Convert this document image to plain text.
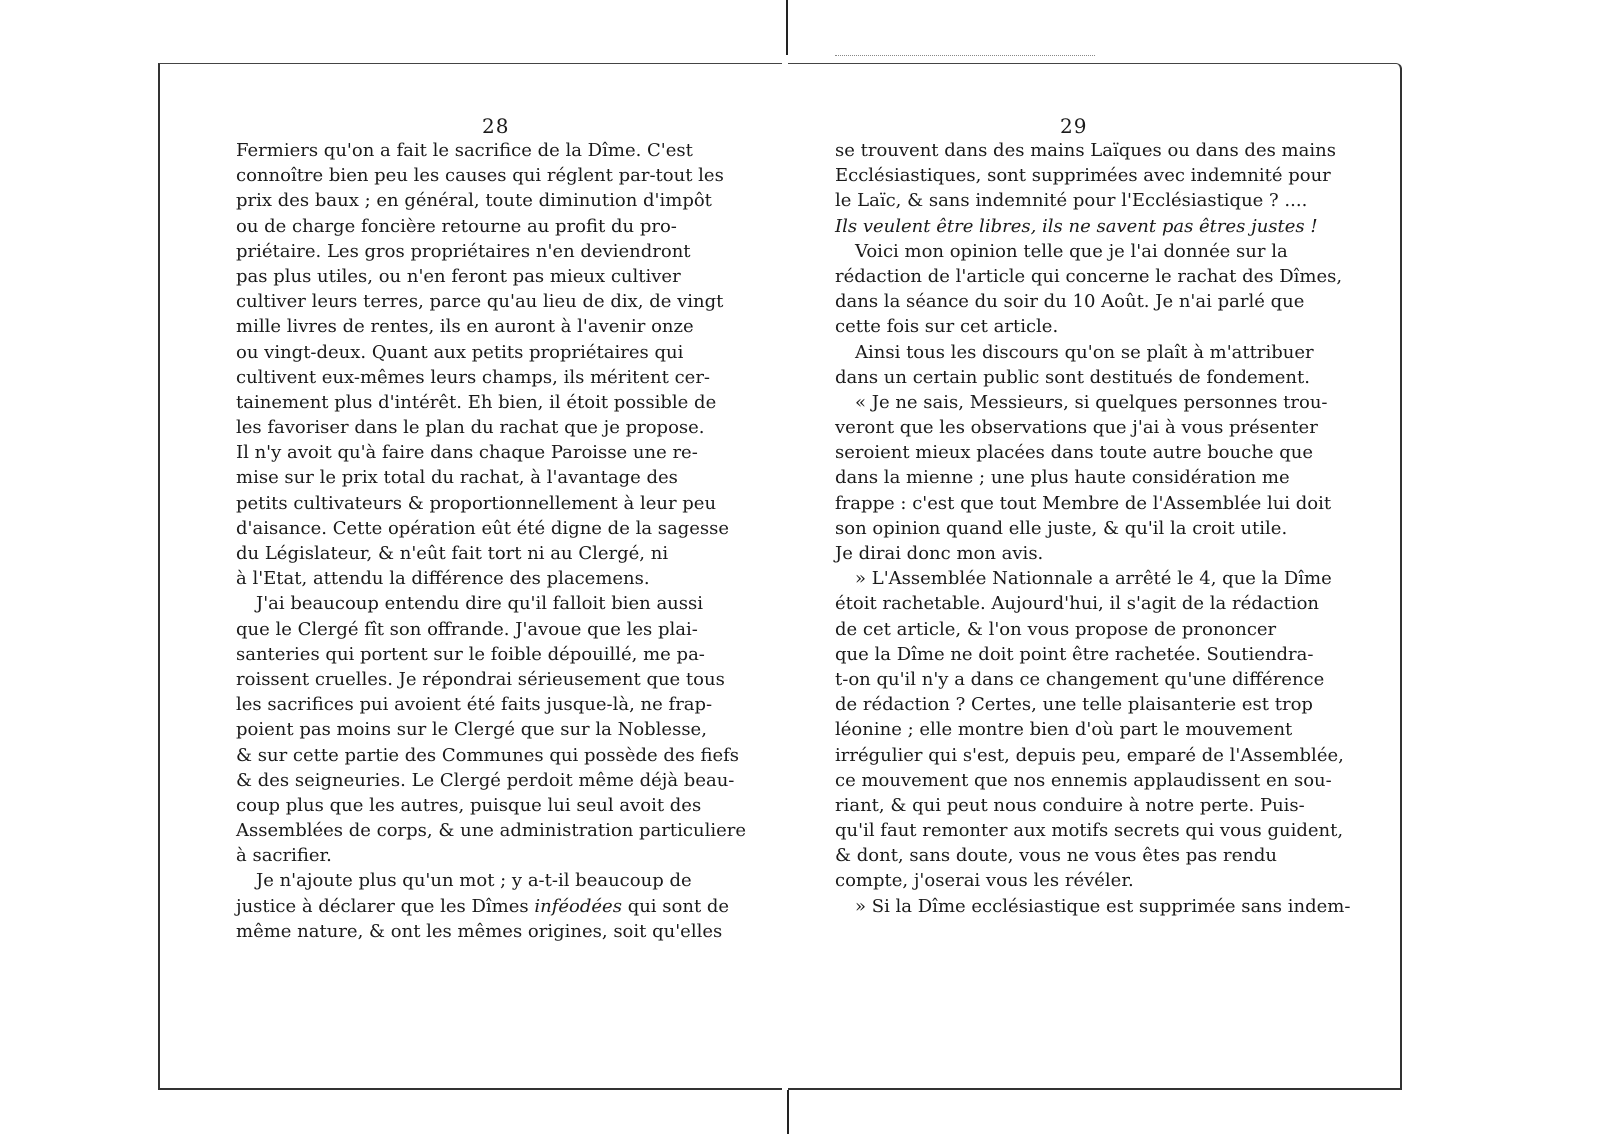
28
Fermiers qu'on a fait le sacrifice de la Dîme. C'est
connoître bien peu les causes qui réglent par-tout les
prix des baux ; en général, toute diminution d'impôt
ou de charge foncière retourne au profit du pro-
priétaire. Les gros propriétaires n'en deviendront
pas plus utiles, ou n'en feront pas mieux cultiver
cultiver leurs terres, parce qu'au lieu de dix, de vingt
mille livres de rentes, ils en auront à l'avenir onze
ou vingt-deux. Quant aux petits propriétaires qui
cultivent eux-mêmes leurs champs, ils méritent cer-
tainement plus d'intérêt. Eh bien, il étoit possible de
les favoriser dans le plan du rachat que je propose.
Il n'y avoit qu'à faire dans chaque Paroisse une re-
mise sur le prix total du rachat, à l'avantage des
petits cultivateurs & proportionnellement à leur peu
d'aisance. Cette opération eût été digne de la sagesse
du Législateur, & n'eût fait tort ni au Clergé, ni
à l'Etat, attendu la différence des placemens.
J'ai beaucoup entendu dire qu'il falloit bien aussi
que le Clergé fît son offrande. J'avoue que les plai-
santeries qui portent sur le foible dépouillé, me pa-
roissent cruelles. Je répondrai sérieusement que tous
les sacrifices pui avoient été faits jusque-là, ne frap-
poient pas moins sur le Clergé que sur la Noblesse,
& sur cette partie des Communes qui possède des fiefs
& des seigneuries. Le Clergé perdoit même déjà beau-
coup plus que les autres, puisque lui seul avoit des
Assemblées de corps, & une administration particuliere
à sacrifier.
Je n'ajoute plus qu'un mot ; y a-t-il beaucoup de
justice à déclarer que les Dîmes inféodées qui sont de
même nature, & ont les mêmes origines, soit qu'elles
29
se trouvent dans des mains Laïques ou dans des mains
Ecclésiastiques, sont supprimées avec indemnité pour
le Laïc, & sans indemnité pour l'Ecclésiastique ? ....
Ils veulent être libres, ils ne savent pas êtres justes !
Voici mon opinion telle que je l'ai donnée sur la
rédaction de l'article qui concerne le rachat des Dîmes,
dans la séance du soir du 10 Août. Je n'ai parlé que
cette fois sur cet article.
Ainsi tous les discours qu'on se plaît à m'attribuer
dans un certain public sont destitués de fondement.
« Je ne sais, Messieurs, si quelques personnes trou-
veront que les observations que j'ai à vous présenter
seroient mieux placées dans toute autre bouche que
dans la mienne ; une plus haute considération me
frappe : c'est que tout Membre de l'Assemblée lui doit
son opinion quand elle juste, & qu'il la croit utile.
Je dirai donc mon avis.
» L'Assemblée Nationnale a arrêté le 4, que la Dîme
étoit rachetable. Aujourd'hui, il s'agit de la rédaction
de cet article, & l'on vous propose de prononcer
que la Dîme ne doit point être rachetée. Soutiendra-
t-on qu'il n'y a dans ce changement qu'une différence
de rédaction ? Certes, une telle plaisanterie est trop
léonine ; elle montre bien d'où part le mouvement
irrégulier qui s'est, depuis peu, emparé de l'Assemblée,
ce mouvement que nos ennemis applaudissent en sou-
riant, & qui peut nous conduire à notre perte. Puis-
qu'il faut remonter aux motifs secrets qui vous guident,
& dont, sans doute, vous ne vous êtes pas rendu
compte, j'oserai vous les révéler.
» Si la Dîme ecclésiastique est supprimée sans indem-
